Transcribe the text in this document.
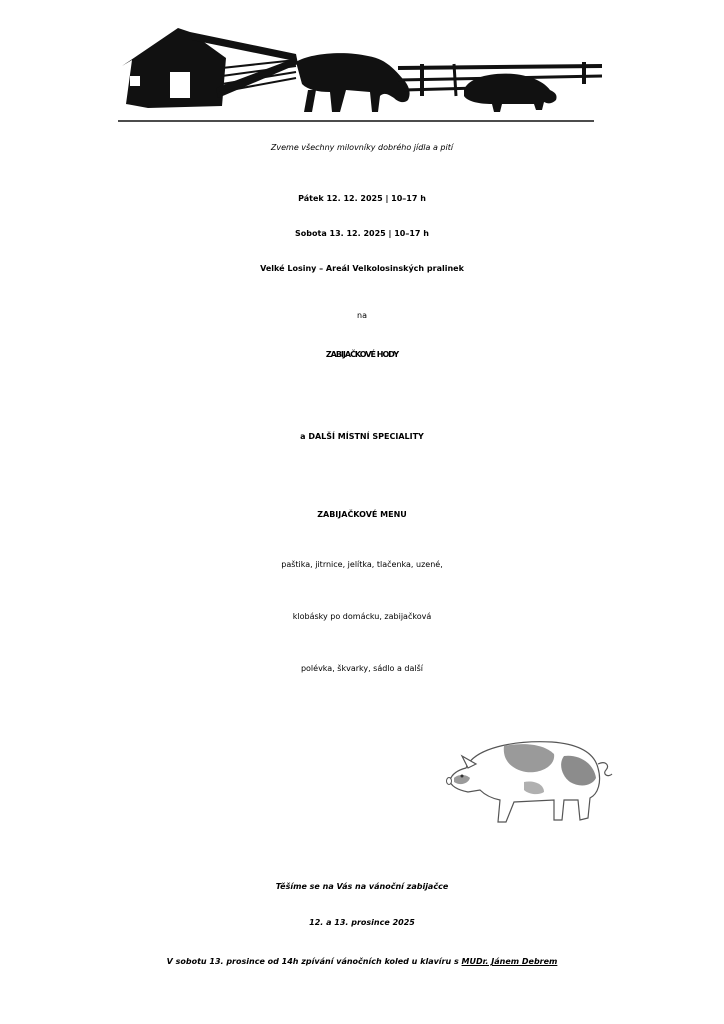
Zveme všechny milovníky dobrého jídla a pití
Pátek 12. 12. 2025 | 10–17 h
Sobota 13. 12. 2025 | 10–17 h
Velké Losiny – Areál Velkolosinských pralinek
na
ZABIJAČKOVÉ HODY
a DALŠÍ MÍSTNÍ SPECIALITY
ZABIJAČKOVÉ MENU
paštika, jitrnice, jelítka, tlačenka, uzené,
klobásky po domácku, zabijačková
polévka, škvarky, sádlo a další
Těšíme se na Vás na vánoční zabijačce
12. a 13. prosince 2025
V sobotu 13. prosince od 14h zpívání vánočních koled u klavíru s MUDr. Jánem Debrem
